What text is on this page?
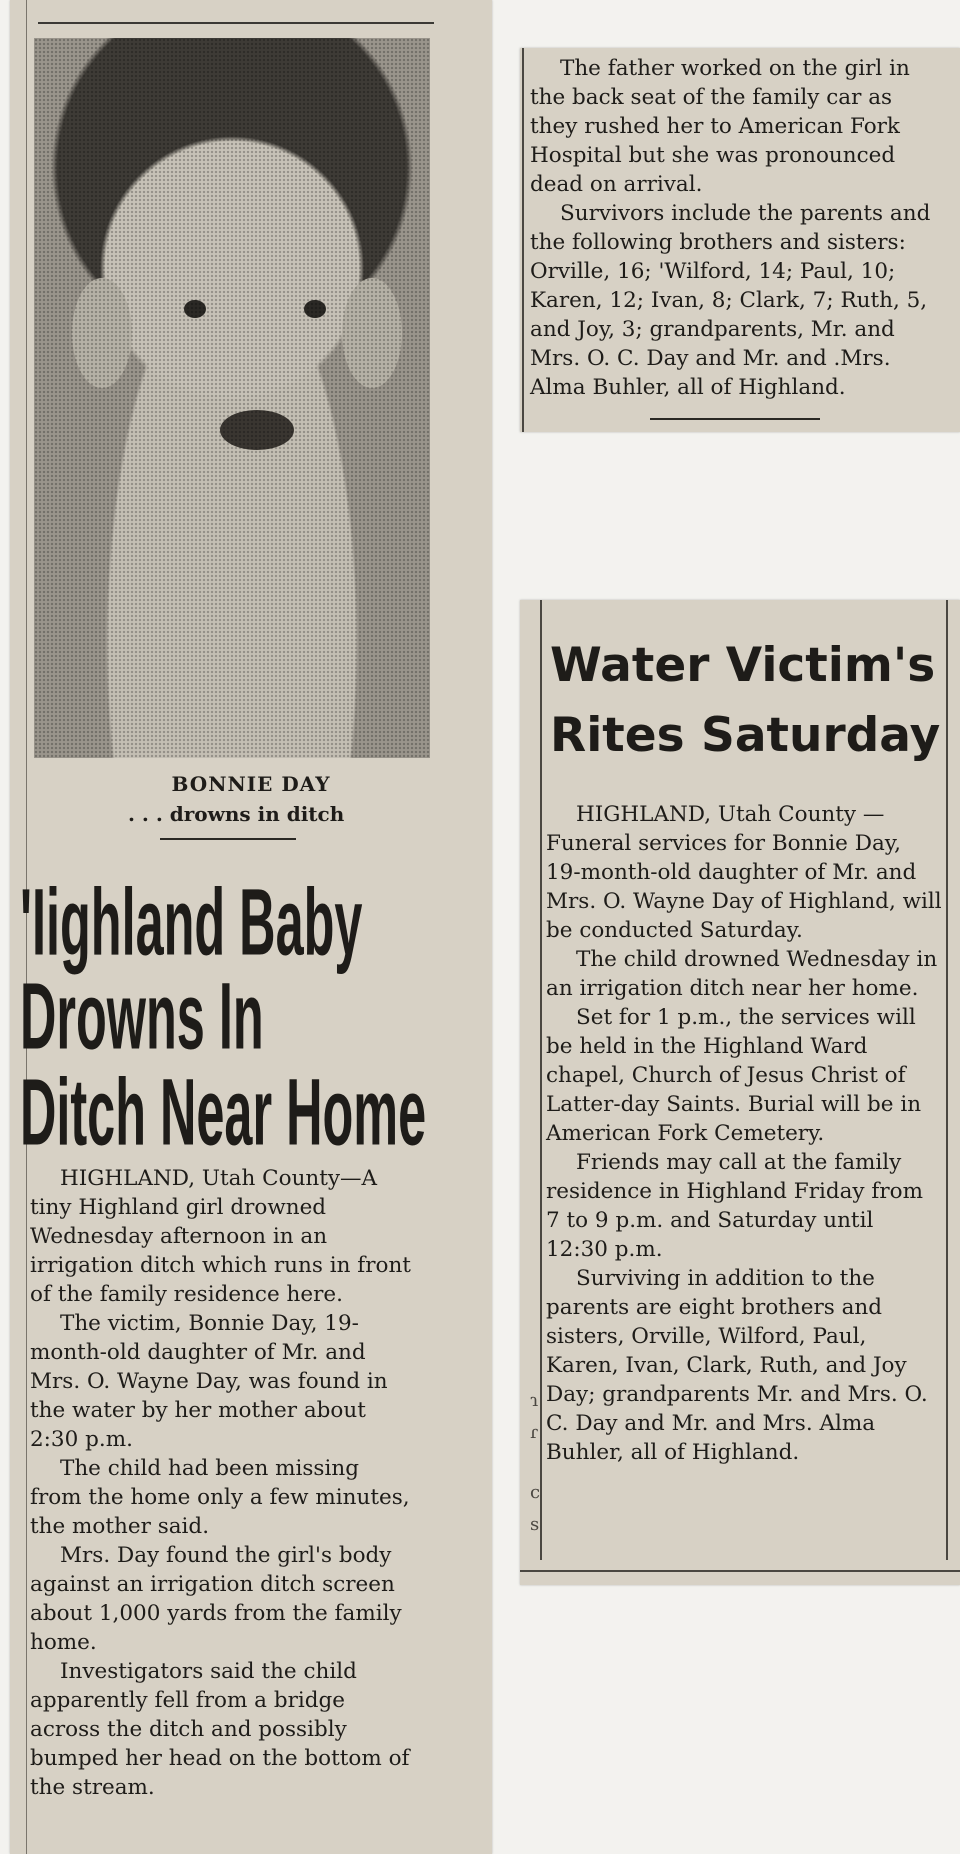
BONNIE DAY
. . . drowns in ditch
'Iighland Baby
Drowns In
Ditch Near Home

HIGHLAND, Utah County—A tiny Highland girl drowned Wednesday afternoon in an irrigation ditch which runs in front of the family residence here.

The victim, Bonnie Day, 19-month-old daughter of Mr. and Mrs. O. Wayne Day, was found in the water by her mother about 2:30 p.m.

The child had been missing from the home only a few minutes, the mother said.

Mrs. Day found the girl's body against an irrigation ditch screen about 1,000 yards from the family home.

Investigators said the child apparently fell from a bridge across the ditch and possibly bumped her head on the bottom of the stream.

The father worked on the girl in the back seat of the family car as they rushed her to American Fork Hospital but she was pronounced dead on arrival.

Survivors include the parents and the following brothers and sisters: Orville, 16; 'Wilford, 14; Paul, 10; Karen, 12; Ivan, 8; Clark, 7; Ruth, 5, and Joy, 3; grandparents, Mr. and Mrs. O. C. Day and Mr. and .Mrs. Alma Buhler, all of Highland.

Water Victim's
Rites Saturday

HIGHLAND, Utah County — Funeral services for Bonnie Day, 19-month-old daughter of Mr. and Mrs. O. Wayne Day of Highland, will be conducted Saturday.

The child drowned Wednesday in an irrigation ditch near her home.

Set for 1 p.m., the services will be held in the Highland Ward chapel, Church of Jesus Christ of Latter-day Saints. Burial will be in American Fork Cemetery.

Friends may call at the family residence in Highland Friday from 7 to 9 p.m. and Saturday until 12:30 p.m.

Surviving in addition to the parents are eight brothers and sisters, Orville, Wilford, Paul, Karen, Ivan, Clark, Ruth, and Joy Day; grandparents Mr. and Mrs. O. C. Day and Mr. and Mrs. Alma Buhler, all of Highland.

ɿ
ɾ
c
s
